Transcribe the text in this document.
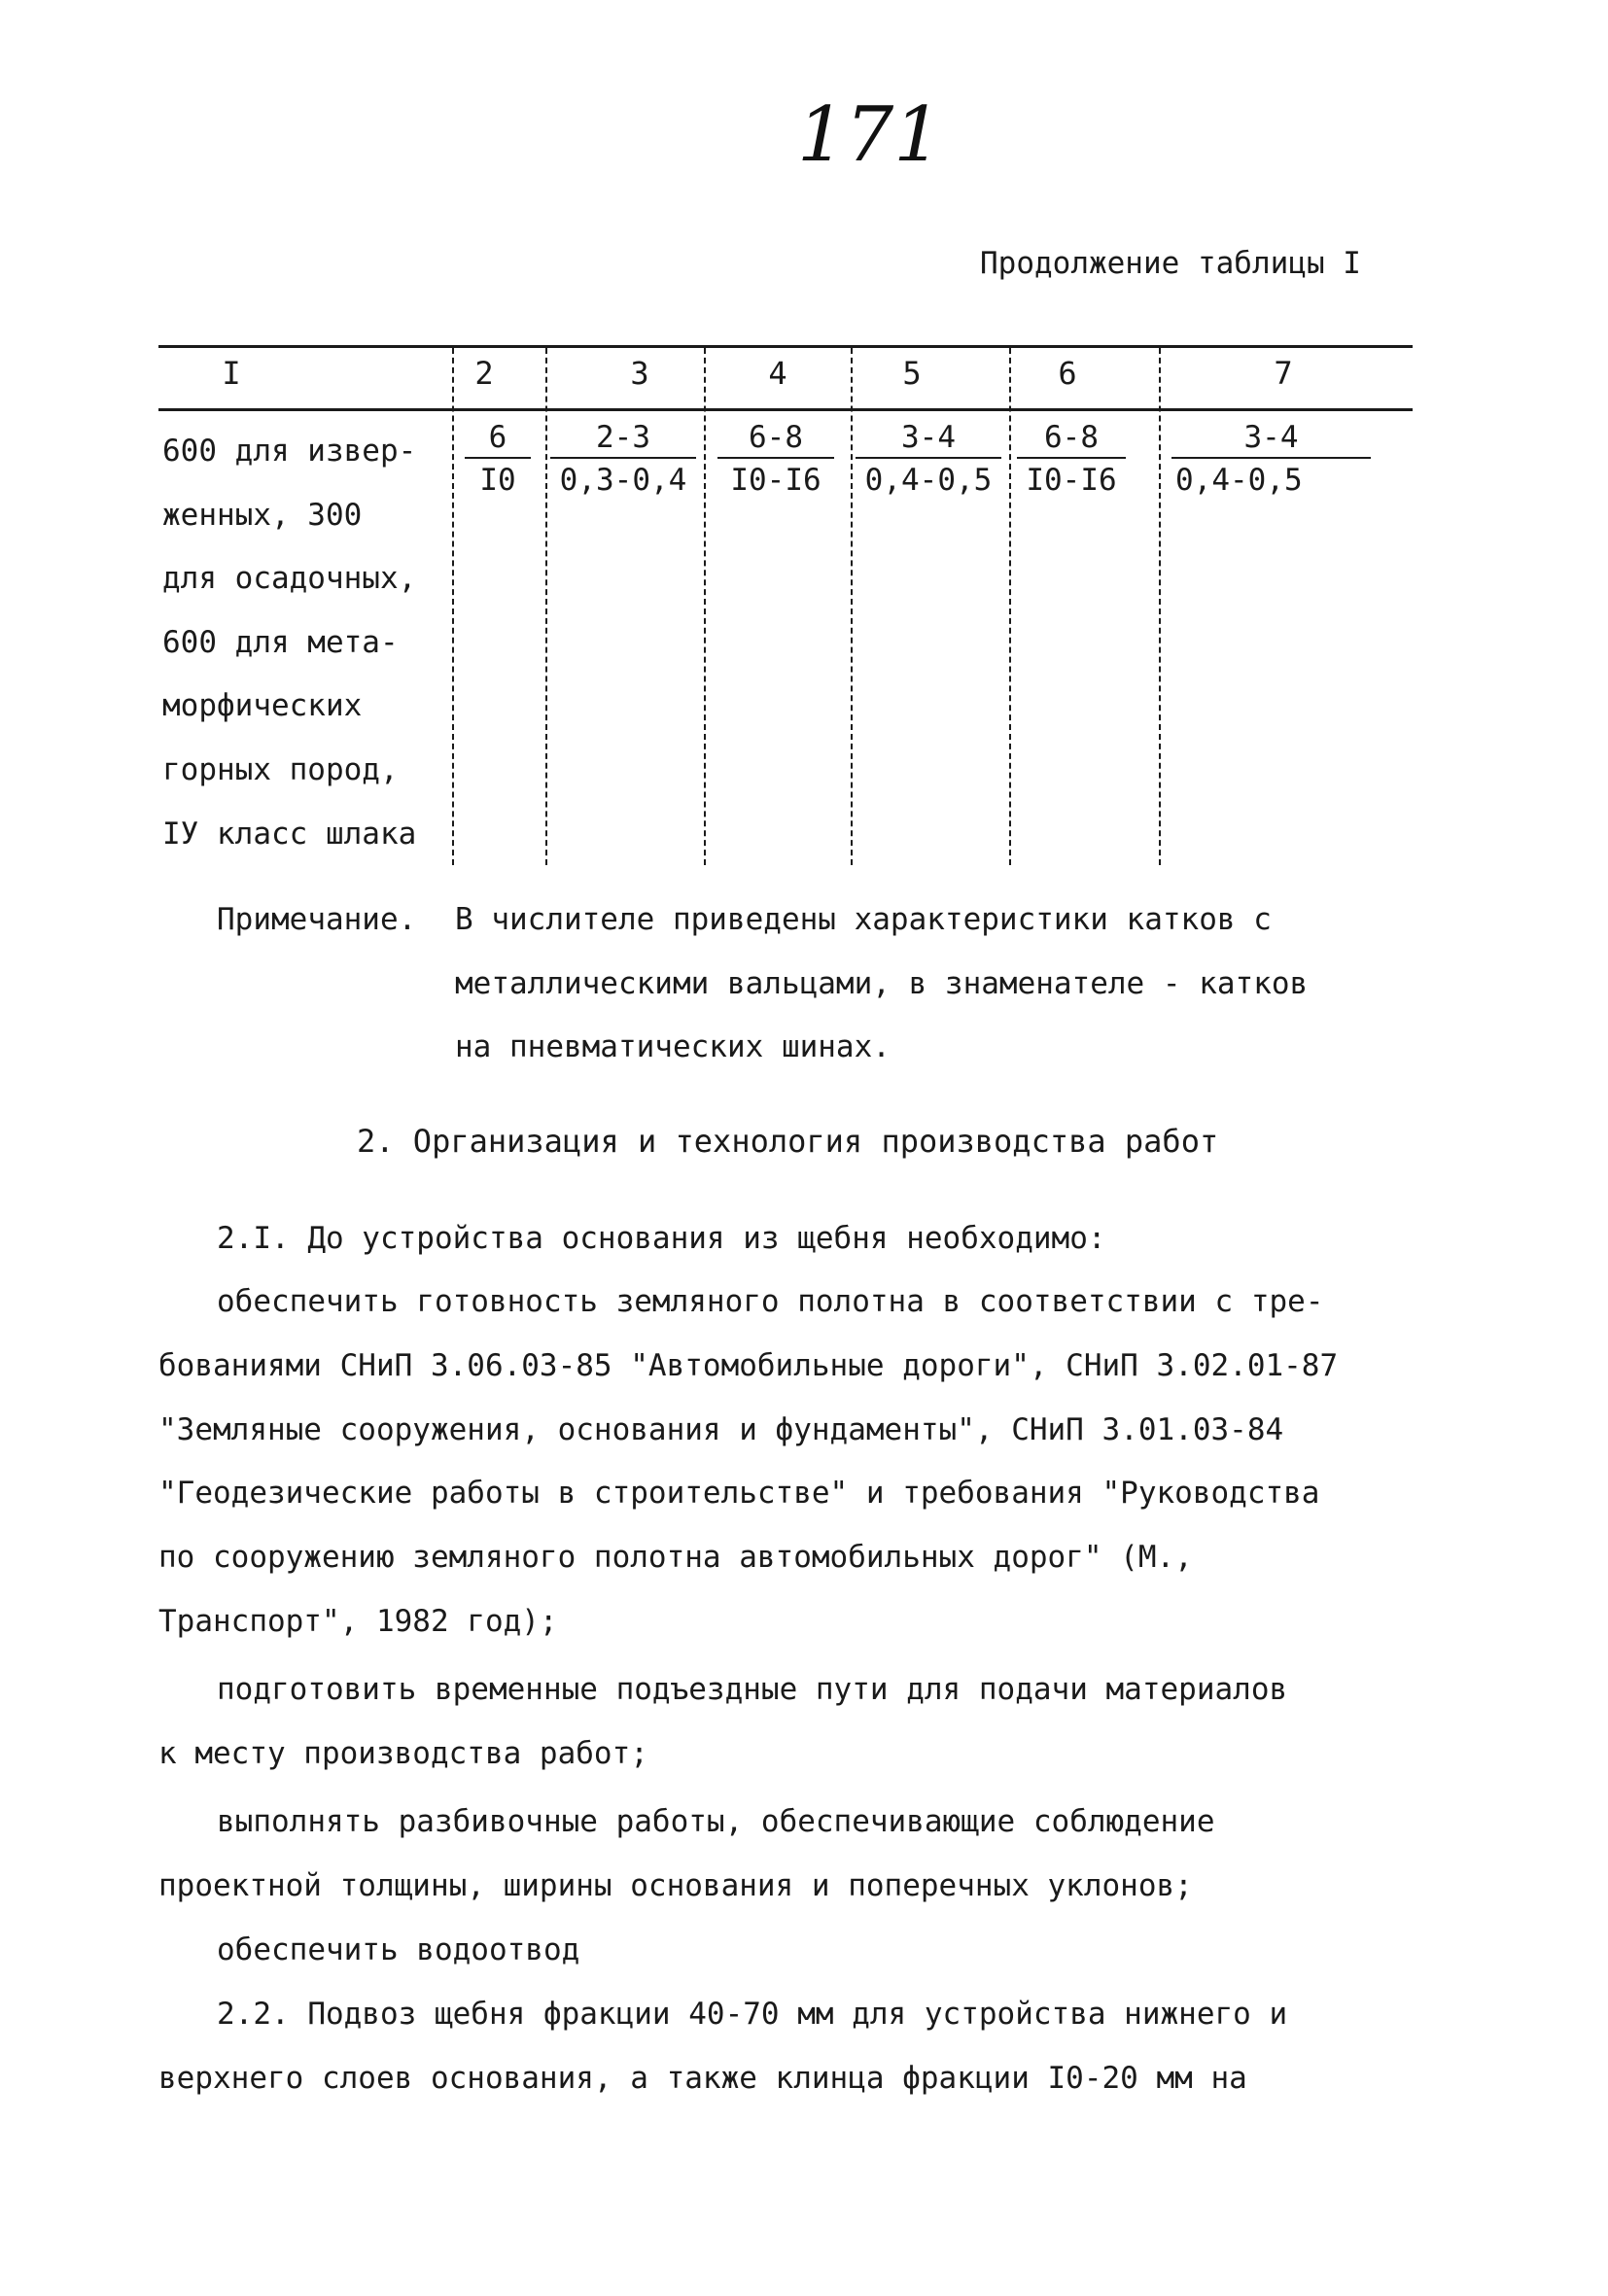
171
Продолжение таблицы I
I	2	3	4	5	6	7
600 для извер-
женных, 300
для осадочных,
600 для мета-
морфических
горных пород,
IУ класс шлака
$\frac{6}{I0} \frac{2-3}{0,3-0,4} \frac{6-8}{I0-I6} \frac{3-4}{0,4-0,5} \frac{6-8}{I0-I6} \frac{3-4}{0,4-0,5}$
Примечание. В числителе приведены характеристики катков с
металлическими вальцами, в знаменателе - катков
на пневматических шинах.
2. Организация и технология производства работ
2.I. До устройства основания из щебня необходимо:
обеспечить готовность земляного полотна в соответствии с тре-
бованиями СНиП 3.06.03-85 "Автомобильные дороги", СНиП 3.02.01-87
"Земляные сооружения, основания и фундаменты", СНиП 3.01.03-84
"Геодезические работы в строительстве" и требования "Руководства
по сооружению земляного полотна автомобильных дорог" (М.,
Транспорт", 1982 год);
подготовить временные подъездные пути для подачи материалов
к месту производства работ;
выполнять разбивочные работы, обеспечивающие соблюдение
проектной толщины, ширины основания и поперечных уклонов;
обеспечить водоотвод
2.2. Подвоз щебня фракции 40-70 мм для устройства нижнего и
верхнего слоев основания, а также клинца фракции I0-20 мм на
